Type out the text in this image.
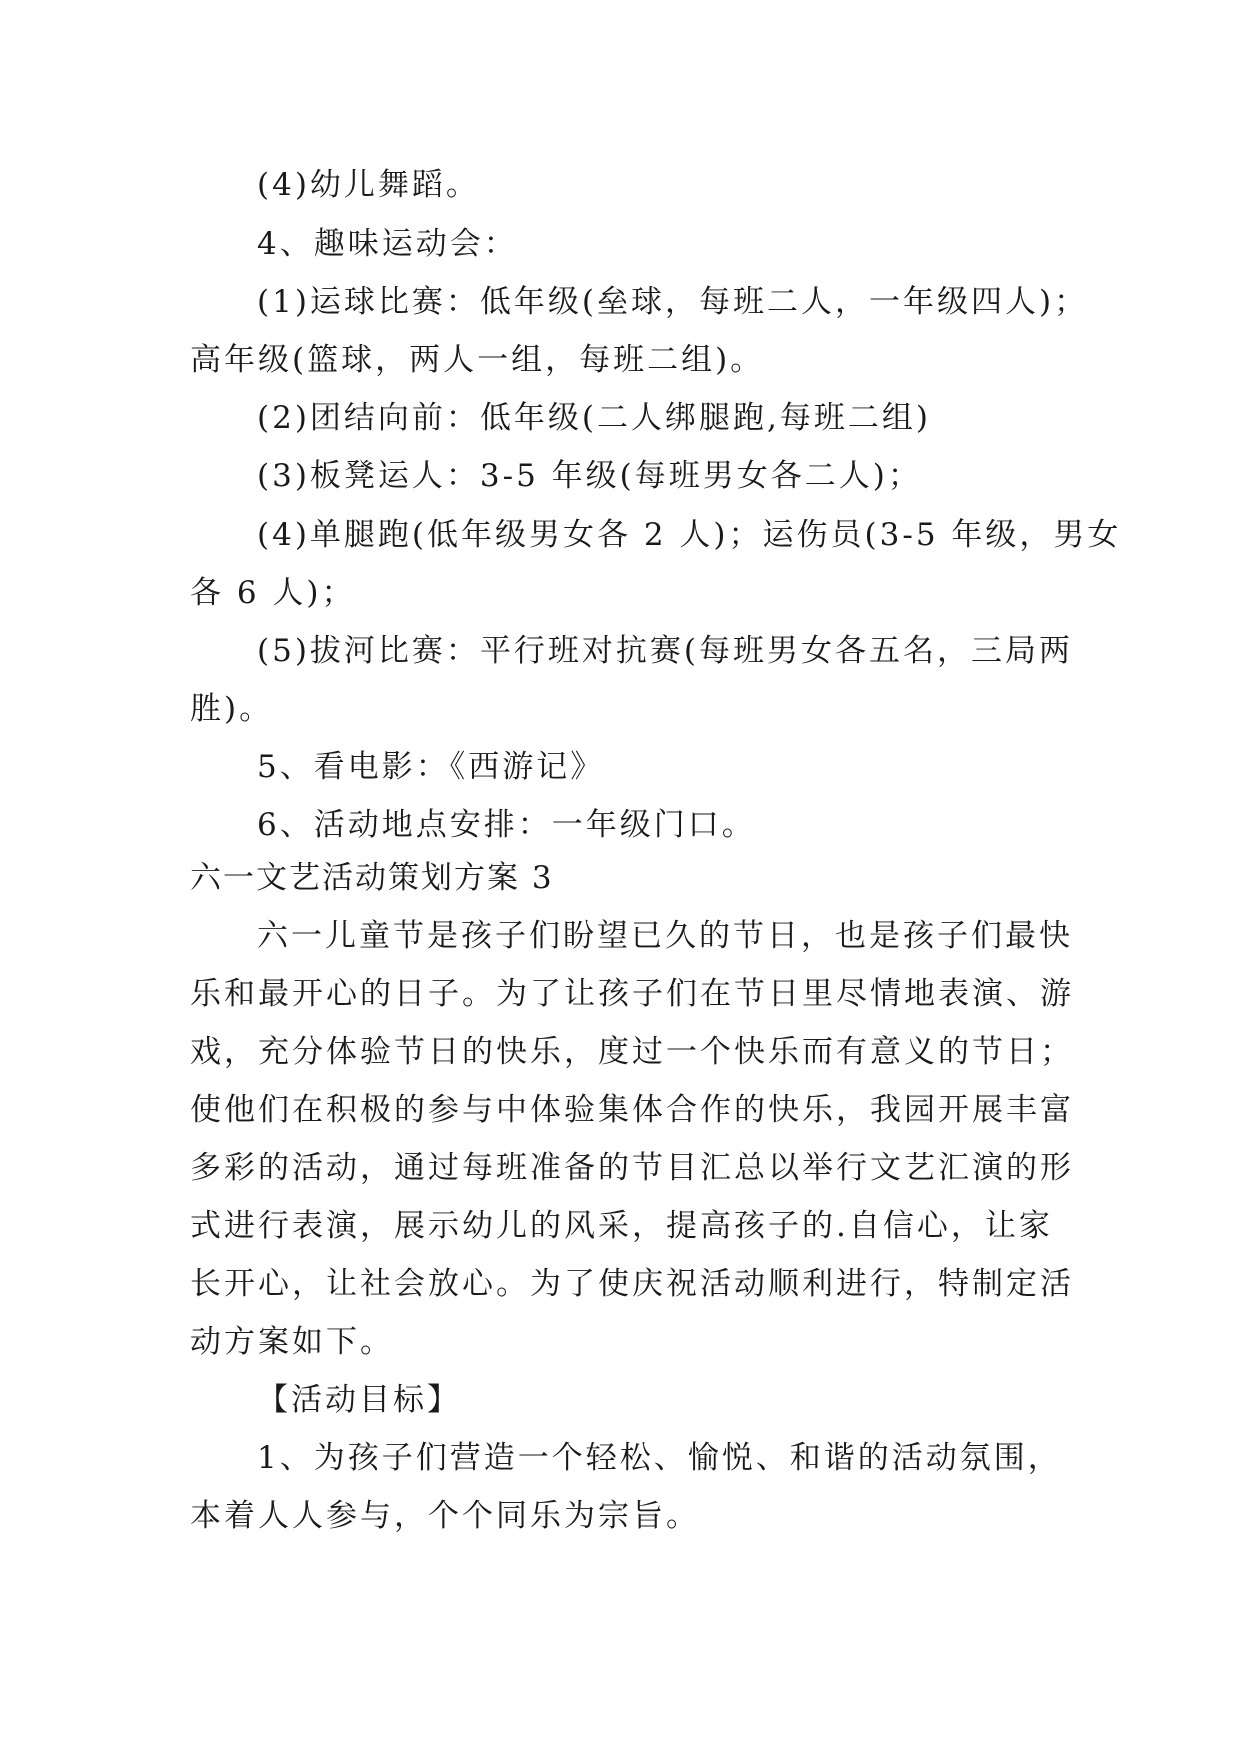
(4)幼儿舞蹈。
4、趣味运动会：
(1)运球比赛：低年级(垒球，每班二人，一年级四人)；
高年级(篮球，两人一组，每班二组)。
(2)团结向前：低年级(二人绑腿跑,每班二组)
(3)板凳运人：3-5 年级(每班男女各二人)；
(4)单腿跑(低年级男女各 2 人)；运伤员(3-5 年级，男女
各 6 人)；
(5)拔河比赛：平行班对抗赛(每班男女各五名，三局两
胜)。
5、看电影：《西游记》
6、活动地点安排：一年级门口。
六一文艺活动策划方案 3
六一儿童节是孩子们盼望已久的节日，也是孩子们最快
乐和最开心的日子。为了让孩子们在节日里尽情地表演、游
戏，充分体验节日的快乐，度过一个快乐而有意义的节日；
使他们在积极的参与中体验集体合作的快乐，我园开展丰富
多彩的活动，通过每班准备的节目汇总以举行文艺汇演的形
式进行表演，展示幼儿的风采，提高孩子的.自信心，让家
长开心，让社会放心。为了使庆祝活动顺利进行，特制定活
动方案如下。
【活动目标】
1、为孩子们营造一个轻松、愉悦、和谐的活动氛围，
本着人人参与，个个同乐为宗旨。
